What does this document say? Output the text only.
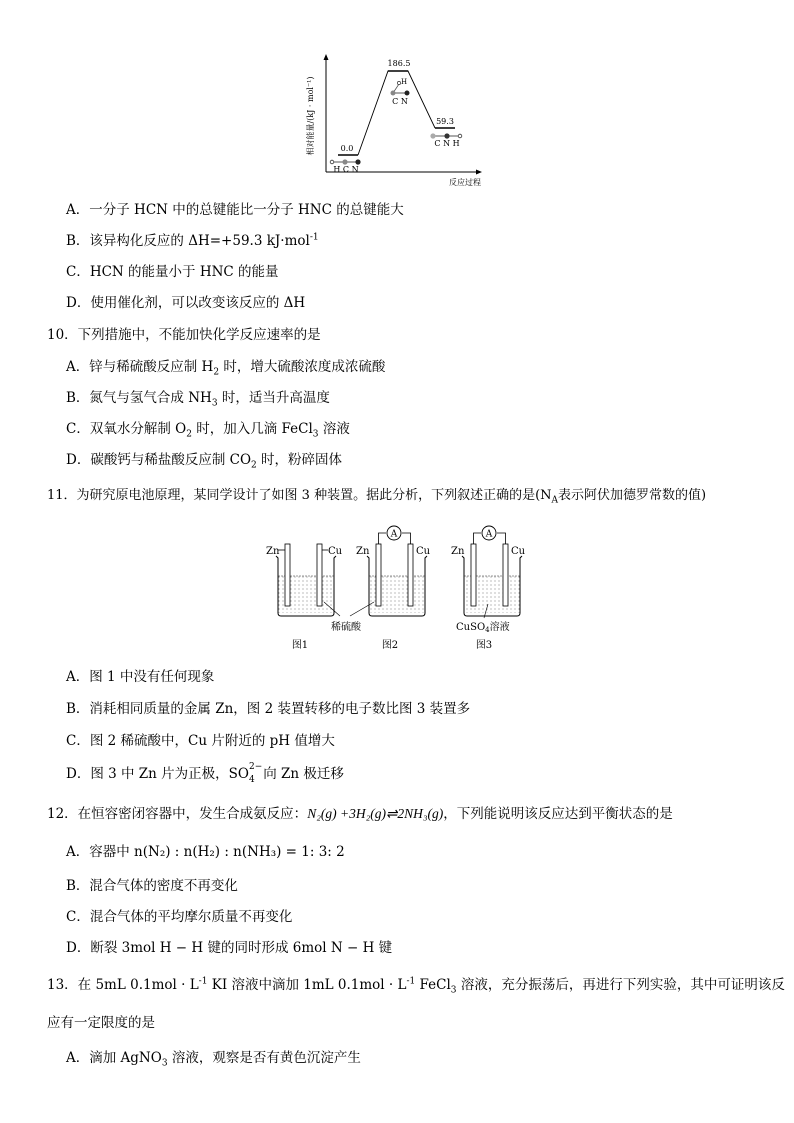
相对能量/(kJ · mol⁻¹)
反应过程
0.0
186.5
59.3
H C N
H
C N
C N H
A．一分子 HCN 中的总键能比一分子 HNC 的总键能大
B．该异构化反应的 ΔH=+59.3 kJ·mol$^{-1}$
C．HCN 的能量小于 HNC 的能量
D．使用催化剂，可以改变该反应的 ΔH
10．下列措施中，不能加快化学反应速率的是
A．锌与稀硫酸反应制 $H_2$ 时，增大硫酸浓度成浓硫酸
B．氮气与氢气合成 $NH_3$ 时，适当升高温度
C．双氧水分解制 $O_2$ 时，加入几滴 FeCl$_3$ 溶液
D．碳酸钙与稀盐酸反应制 $CO_2$ 时，粉碎固体
11．为研究原电池原理，某同学设计了如图 3 种装置。据此分析，下列叙述正确的是($N_A$表示阿伏加德罗常数的值)
Zn	Cu
A
Zn	Cu
A
Zn	Cu
稀硫酸	CuSO$_4$溶液
图1	图2	图3
A．图 1 中没有任何现象
B．消耗相同质量的金属 Zn，图 2 装置转移的电子数比图 3 装置多
C．图 2 稀硫酸中，Cu 片附近的 pH 值增大
D．图 3 中 Zn 片为正极，SO 2−
4 向 Zn 极迁移
12．在恒容密闭容器中，发生合成氨反应：N₂(g) +3H₂(g)⇌2NH₃(g)，下列能说明该反应达到平衡状态的是
A．容器中 n(N₂) : n(H₂) : n(NH₃) = 1: 3: 2
B．混合气体的密度不再变化
C．混合气体的平均摩尔质量不再变化
D．断裂 3mol H − H 键的同时形成 6mol N − H 键
13．在 5mL $0.1mol \cdot L^{-1}$ KI 溶液中滴加 1mL $0.1mol \cdot L^{-1}$ FeCl$_3$ 溶液，充分振荡后，再进行下列实验，其中可证明该反
应有一定限度的是
A．滴加 AgNO$_3$ 溶液，观察是否有黄色沉淀产生
